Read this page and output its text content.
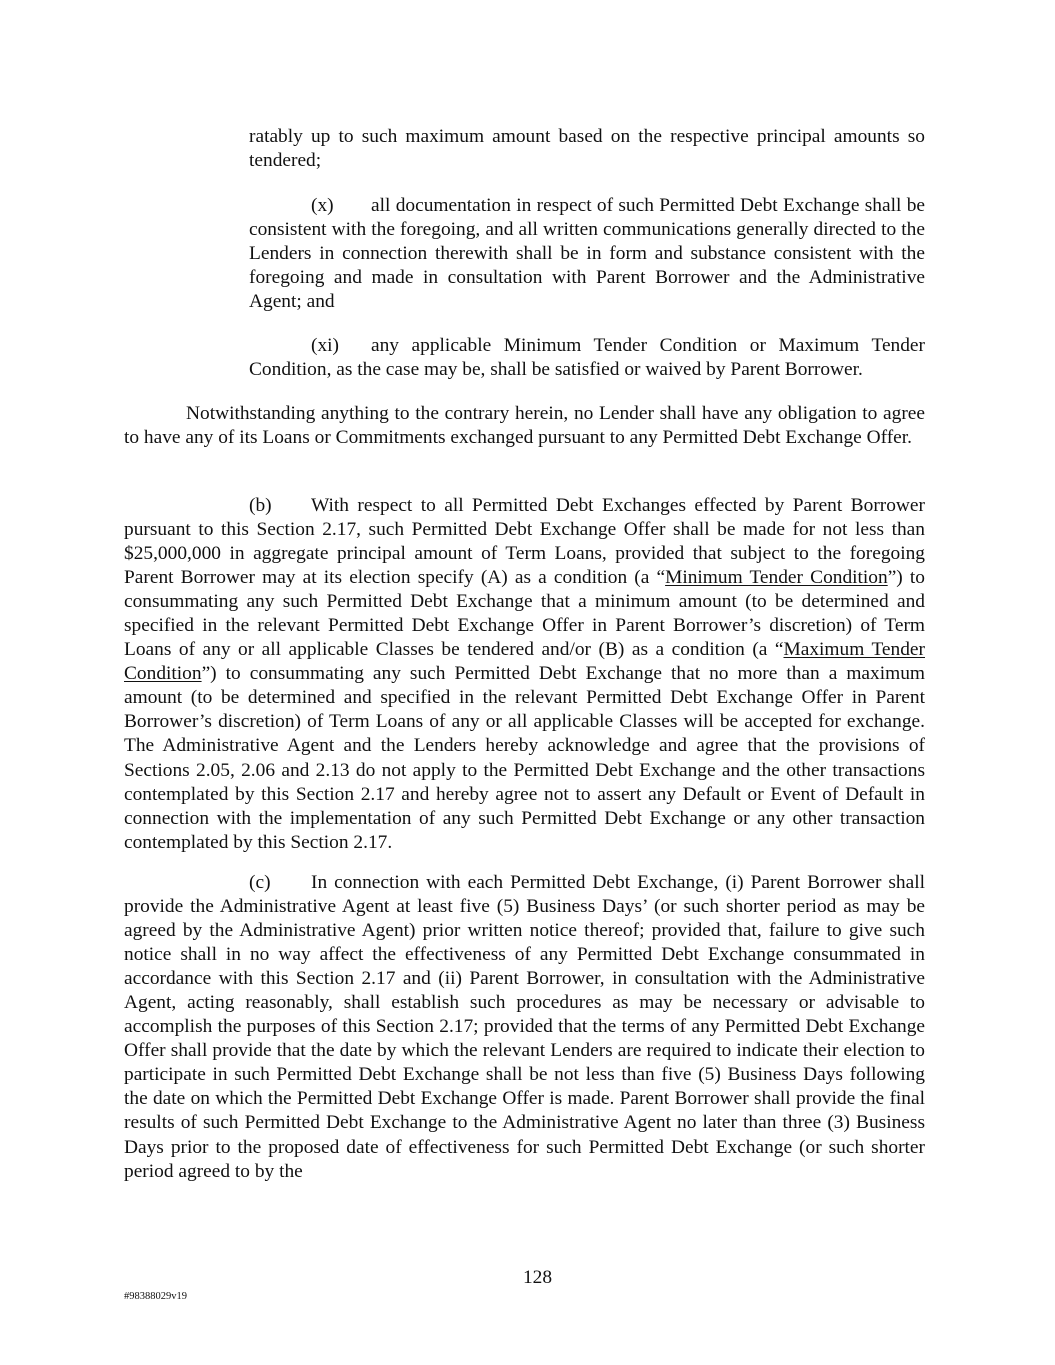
ratably up to such maximum amount based on the respective principal amounts so tendered;

(x) all documentation in respect of such Permitted Debt Exchange shall be consistent with the foregoing, and all written communications generally directed to the Lenders in connection therewith shall be in form and substance consistent with the foregoing and made in consultation with Parent Borrower and the Administrative Agent; and

(xi) any applicable Minimum Tender Condition or Maximum Tender Condition, as the case may be, shall be satisfied or waived by Parent Borrower.

Notwithstanding anything to the contrary herein, no Lender shall have any obligation to agree to have any of its Loans or Commitments exchanged pursuant to any Permitted Debt Exchange Offer.

(b) With respect to all Permitted Debt Exchanges effected by Parent Borrower pursuant to this Section 2.17, such Permitted Debt Exchange Offer shall be made for not less than $25,000,000 in aggregate principal amount of Term Loans, provided that subject to the foregoing Parent Borrower may at its election specify (A) as a condition (a “Minimum Tender Condition”) to consummating any such Permitted Debt Exchange that a minimum amount (to be determined and specified in the relevant Permitted Debt Exchange Offer in Parent Borrower’s discretion) of Term Loans of any or all applicable Classes be tendered and/or (B) as a condition (a “Maximum Tender Condition”) to consummating any such Permitted Debt Exchange that no more than a maximum amount (to be determined and specified in the relevant Permitted Debt Exchange Offer in Parent Borrower’s discretion) of Term Loans of any or all applicable Classes will be accepted for exchange. The Administrative Agent and the Lenders hereby acknowledge and agree that the provisions of Sections 2.05, 2.06 and 2.13 do not apply to the Permitted Debt Exchange and the other transactions contemplated by this Section 2.17 and hereby agree not to assert any Default or Event of Default in connection with the implementation of any such Permitted Debt Exchange or any other transaction contemplated by this Section 2.17.

(c) In connection with each Permitted Debt Exchange, (i) Parent Borrower shall provide the Administrative Agent at least five (5) Business Days’ (or such shorter period as may be agreed by the Administrative Agent) prior written notice thereof; provided that, failure to give such notice shall in no way affect the effectiveness of any Permitted Debt Exchange consummated in accordance with this Section 2.17 and (ii) Parent Borrower, in consultation with the Administrative Agent, acting reasonably, shall establish such procedures as may be necessary or advisable to accomplish the purposes of this Section 2.17; provided that the terms of any Permitted Debt Exchange Offer shall provide that the date by which the relevant Lenders are required to indicate their election to participate in such Permitted Debt Exchange shall be not less than five (5) Business Days following the date on which the Permitted Debt Exchange Offer is made. Parent Borrower shall provide the final results of such Permitted Debt Exchange to the Administrative Agent no later than three (3) Business Days prior to the proposed date of effectiveness for such Permitted Debt Exchange (or such shorter period agreed to by the

128
#98388029v19
